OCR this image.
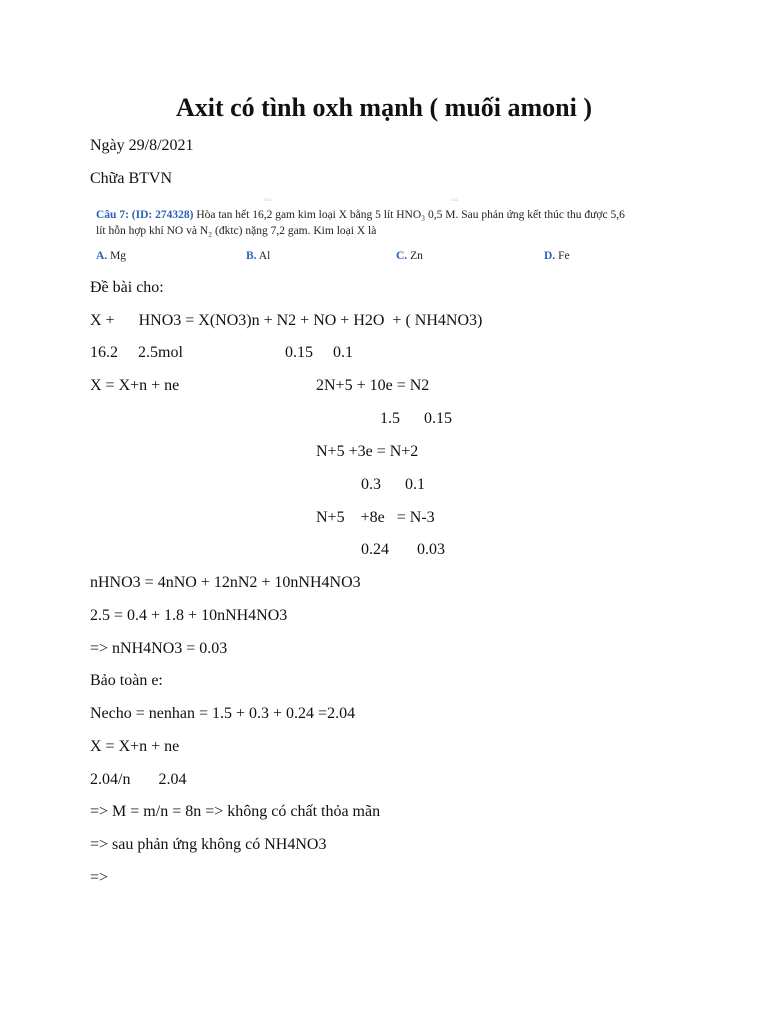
Axit có tình oxh mạnh ( muối amoni )

Ngày 29/8/2021

Chữa BTVN

▫▫	▫▫
Câu 7: (ID: 274328) Hòa tan hết 16,2 gam kim loại X bằng 5 lít HNO₃ 0,5 M. Sau phản ứng kết thúc thu được 5,6
lít hỗn hợp khí NO và N₂ (đktc) nặng 7,2 gam. Kim loại X là
A. Mg	B. Al	C. Zn	D. Fe

Đề bài cho:

X +      HNO3 = X(NO3)n + N2 + NO + H2O  + ( NH4NO3)

16.2     2.5mol	0.15     0.1

X = X+n + ne	2N+5 + 10e = N2

1.5      0.15

N+5 +3e = N+2

0.3      0.1

N+5    +8e   = N-3

0.24       0.03

nHNO3 = 4nNO + 12nN2 + 10nNH4NO3

2.5 = 0.4 + 1.8 + 10nNH4NO3

=> nNH4NO3 = 0.03

Bảo toàn e:

Necho = nenhan = 1.5 + 0.3 + 0.24 =2.04

X = X+n + ne

2.04/n       2.04

=> M = m/n = 8n => không có chất thỏa mãn

=> sau phản ứng không có NH4NO3

=>
